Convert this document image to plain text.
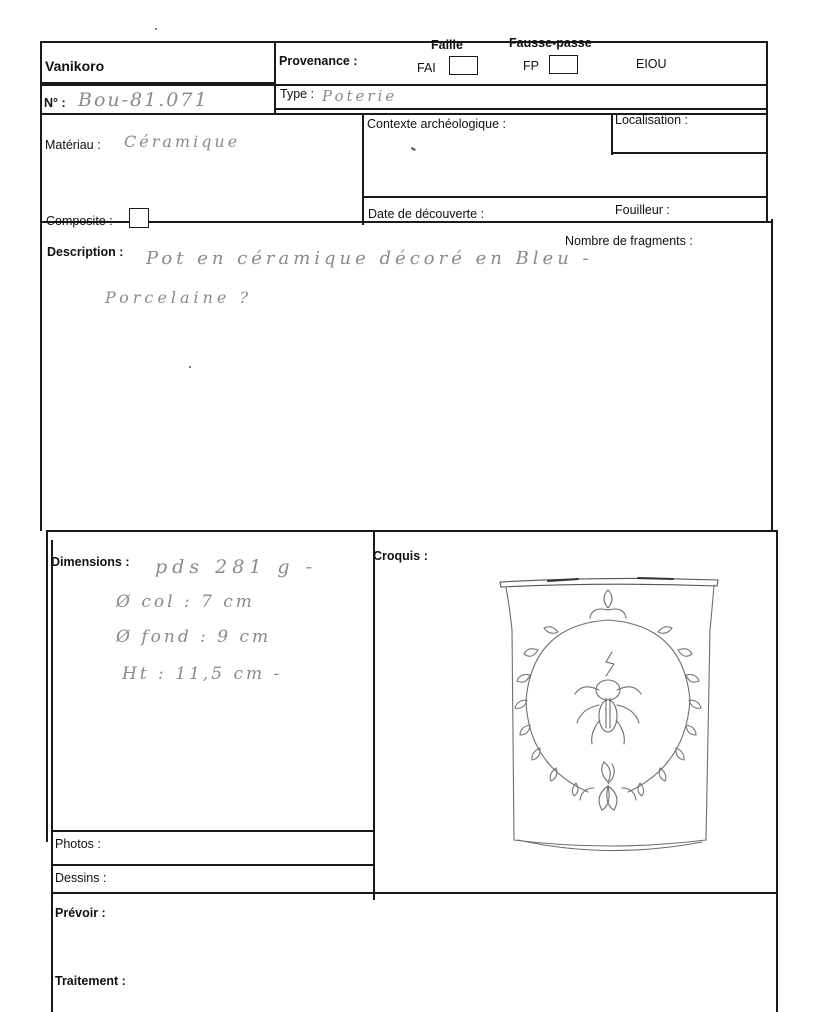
Vanikoro	Provenance :
Faille	Fausse-passe
FAI	FP	EIOU
N° : Bou-81.071	Type : Poterie
Matériau : Céramique
Contexte archéologique :	Localisation :
Composite :	Date de découverte :	Fouilleur :
Description :
Nombre de fragments :
Pot en céramique décoré en Bleu -
Porcelaine ?
Dimensions : pds 281 g -
Ø col : 7 cm
Ø fond : 9 cm
Ht : 11,5 cm -
Croquis :
Photos :
Dessins :
Prévoir :
Traitement :
